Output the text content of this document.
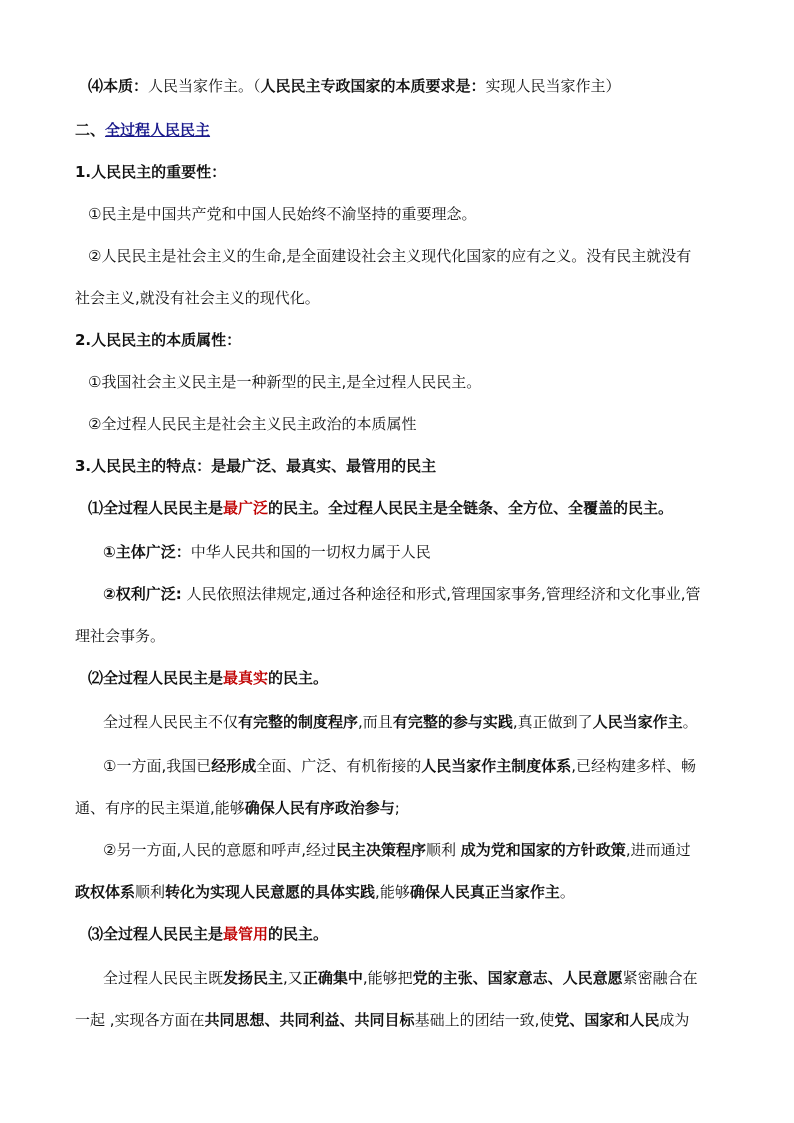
⑷本质：人民当家作主。（人民民主专政国家的本质要求是：实现人民当家作主）
二、全过程人民民主
1.人民民主的重要性：
①民主是中国共产党和中国人民始终不渝坚持的重要理念。
②人民民主是社会主义的生命,是全面建设社会主义现代化国家的应有之义。没有民主就没有
社会主义,就没有社会主义的现代化。
2.人民民主的本质属性：
①我国社会主义民主是一种新型的民主,是全过程人民民主。
②全过程人民民主是社会主义民主政治的本质属性
3.人民民主的特点：是最广泛、最真实、最管用的民主
⑴全过程人民民主是最广泛的民主。全过程人民民主是全链条、全方位、全覆盖的民主。
①主体广泛：中华人民共和国的一切权力属于人民
②权利广泛: 人民依照法律规定,通过各种途径和形式,管理国家事务,管理经济和文化事业,管
理社会事务。
⑵全过程人民民主是最真实的民主。
全过程人民民主不仅有完整的制度程序,而且有完整的参与实践,真正做到了人民当家作主。
①一方面,我国已经形成全面、广泛、有机衔接的人民当家作主制度体系,已经构建多样、畅
通、有序的民主渠道,能够确保人民有序政治参与;
②另一方面,人民的意愿和呼声,经过民主决策程序顺利 成为党和国家的方针政策,进而通过
政权体系顺利转化为实现人民意愿的具体实践,能够确保人民真正当家作主。
⑶全过程人民民主是最管用的民主。
全过程人民民主既发扬民主,又正确集中,能够把党的主张、国家意志、人民意愿紧密融合在
一起 ,实现各方面在共同思想、共同利益、共同目标基础上的团结一致,使党、国家和人民成为
